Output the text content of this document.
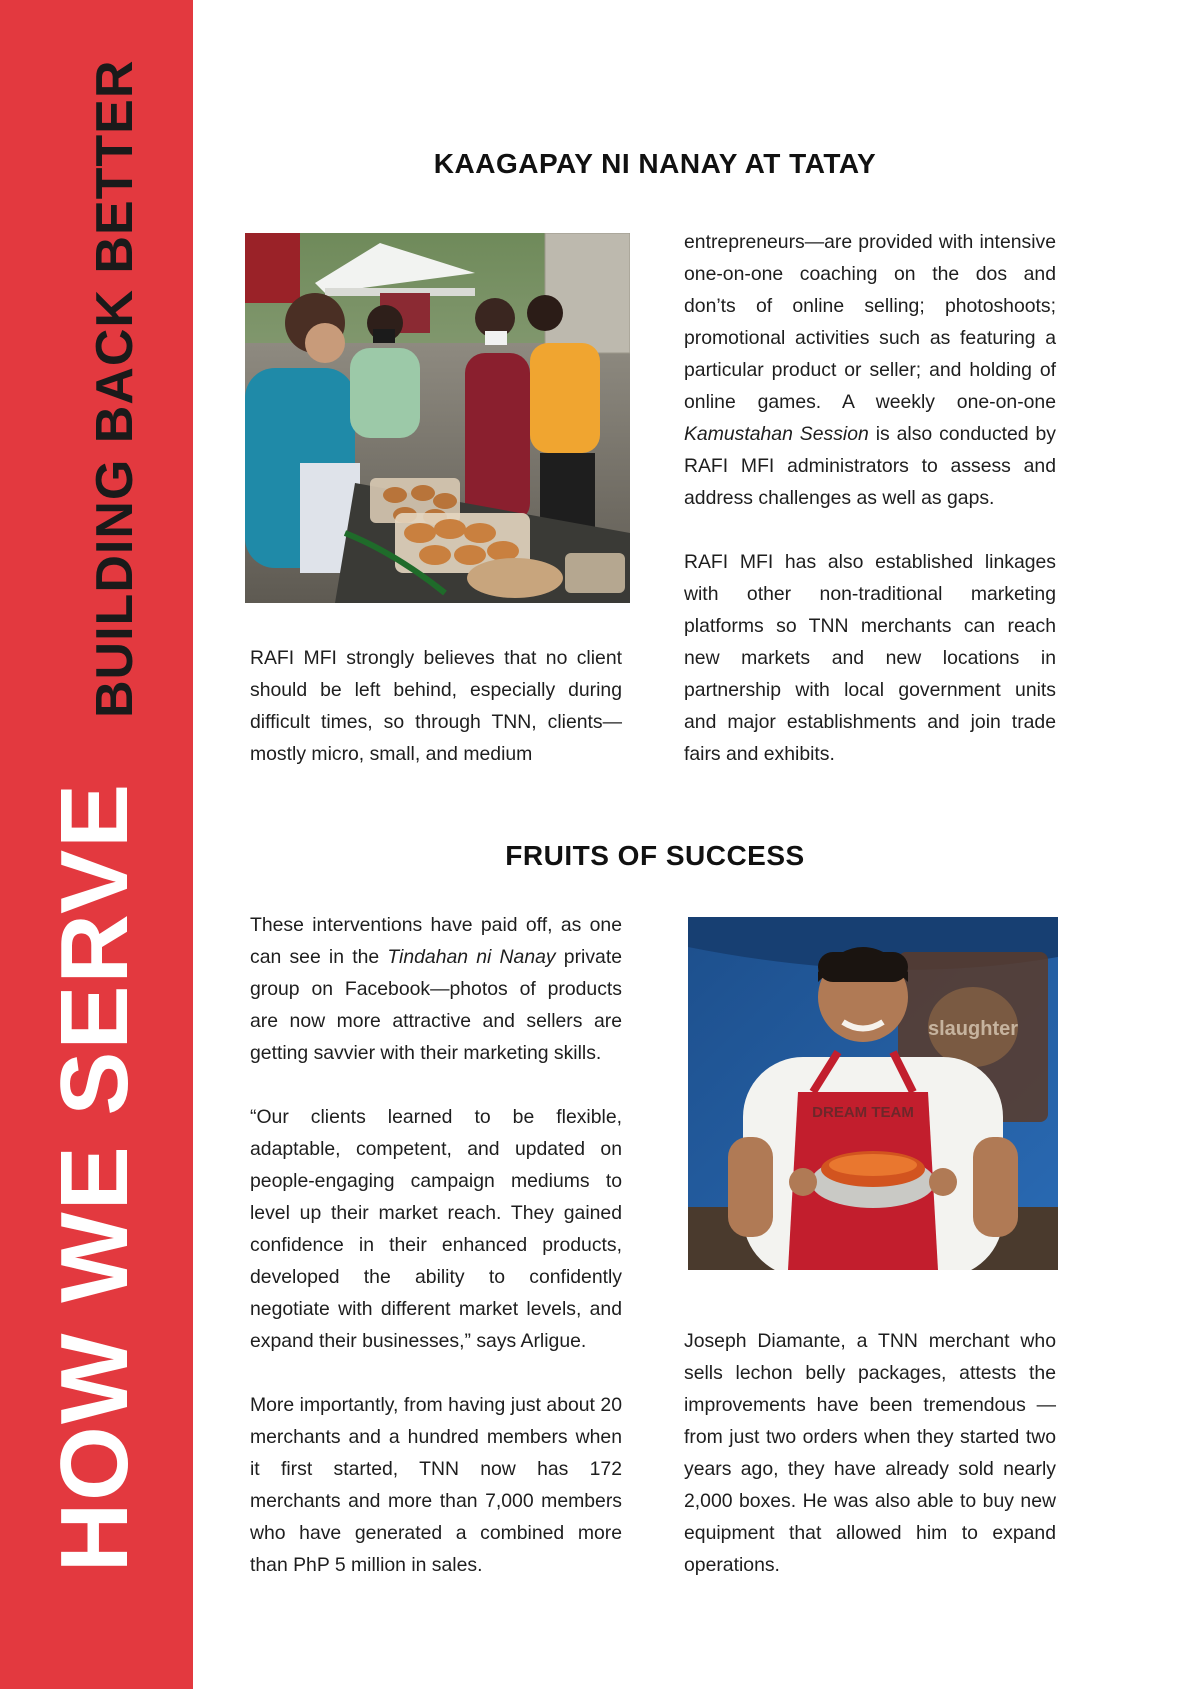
HOW WE SERVE
BUILDING BACK BETTER	KAAGAPAY NI NANAY AT TATAY

RAFI MFI strongly believes that no client should be left behind, especially during difficult times, so through TNN, clients—mostly micro, small, and medium

entrepreneurs—are provided with intensive one-on-one coaching on the dos and don’ts of online selling; photoshoots; promotional activities such as featuring a particular product or seller; and holding of online games. A weekly one-on-one Kamustahan Session is also conducted by RAFI MFI administrators to assess and address challenges as well as gaps.

RAFI MFI has also established linkages with other non-traditional marketing platforms so TNN merchants can reach new markets and new locations in partnership with local government units and major establishments and join trade fairs and exhibits.

FRUITS OF SUCCESS

These interventions have paid off, as one can see in the Tindahan ni Nanay private group on Facebook—photos of products are now more attractive and sellers are getting savvier with their marketing skills.

“Our clients learned to be flexible, adaptable, competent, and updated on people-engaging campaign mediums to level up their market reach. They gained confidence in their enhanced products, developed the ability to confidently negotiate with different market levels, and expand their businesses,” says Arligue.

More importantly, from having just about 20 merchants and a hundred members when it first started, TNN now has 172 merchants and more than 7,000 members who have generated a combined more than PhP 5 million in sales.

slaughter
DREAM TEAM

Joseph Diamante, a TNN merchant who sells lechon belly packages, attests the improvements have been tremendous —from just two orders when they started two years ago, they have already sold nearly 2,000 boxes. He was also able to buy new equipment that allowed him to expand operations.
